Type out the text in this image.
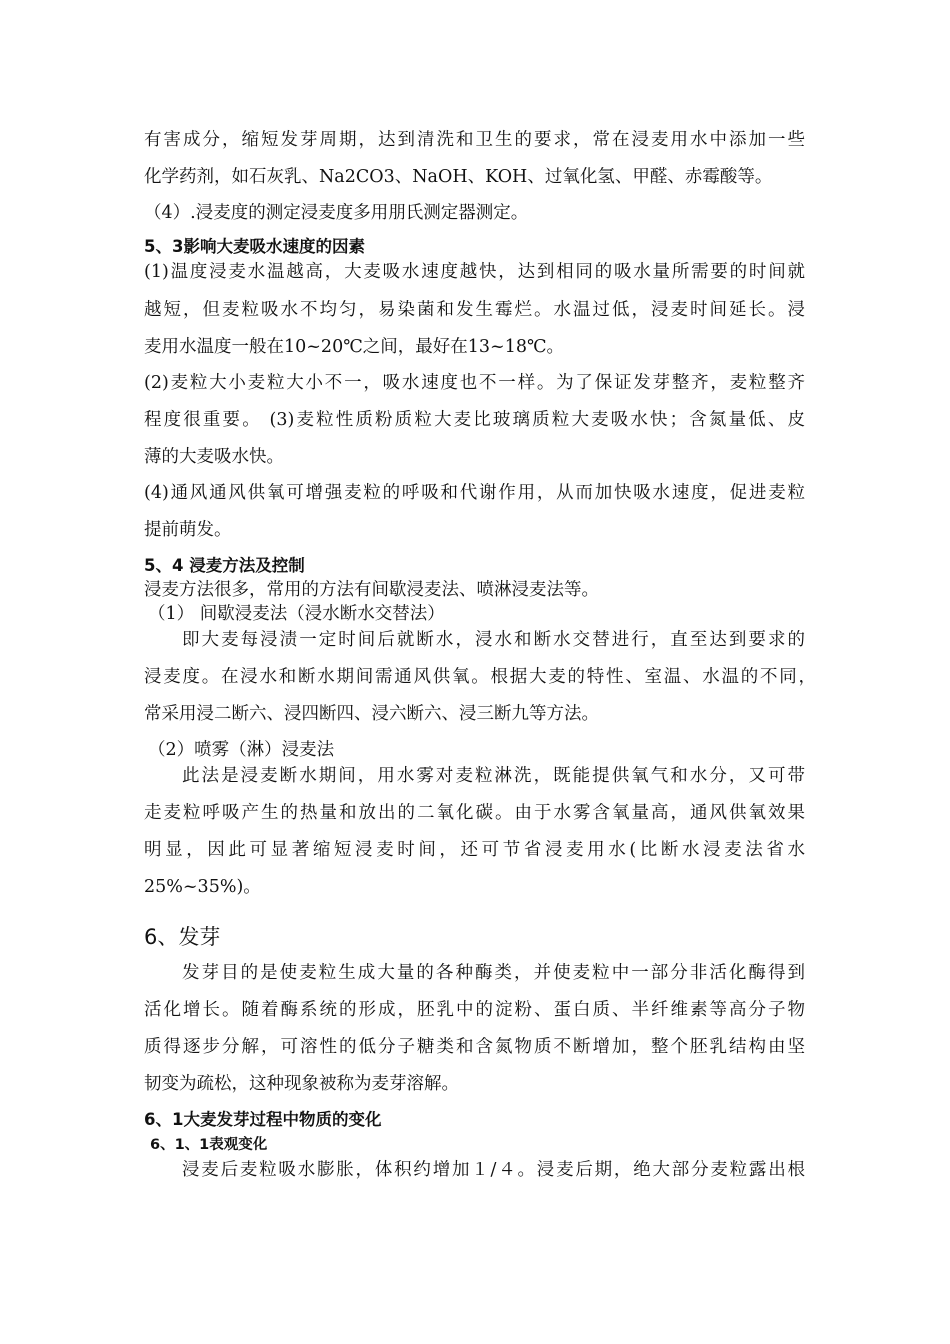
有害成分，缩短发芽周期，达到清洗和卫生的要求，常在浸麦用水中添加一些
化学药剂，如石灰乳、Na2CO3、NaOH、KOH、过氧化氢、甲醛、赤霉酸等。
（4）.浸麦度的测定浸麦度多用朋氏测定器测定。
5、3影响大麦吸水速度的因素
(1)温度浸麦水温越高，大麦吸水速度越快，达到相同的吸水量所需要的时间就
越短，但麦粒吸水不均匀，易染菌和发生霉烂。水温过低，浸麦时间延长。浸
麦用水温度一般在10~20℃之间，最好在13~18℃。
(2)麦粒大小麦粒大小不一，吸水速度也不一样。为了保证发芽整齐，麦粒整齐
程度很重要。 (3)麦粒性质粉质粒大麦比玻璃质粒大麦吸水快；含氮量低、皮
薄的大麦吸水快。
(4)通风通风供氧可增强麦粒的呼吸和代谢作用，从而加快吸水速度，促进麦粒
提前萌发。
5、4 浸麦方法及控制
浸麦方法很多，常用的方法有间歇浸麦法、喷淋浸麦法等。
（1） 间歇浸麦法（浸水断水交替法）
即大麦每浸渍一定时间后就断水，浸水和断水交替进行，直至达到要求的
浸麦度。在浸水和断水期间需通风供氧。根据大麦的特性、室温、水温的不同，
常采用浸二断六、浸四断四、浸六断六、浸三断九等方法。
（2）喷雾（淋）浸麦法
此法是浸麦断水期间，用水雾对麦粒淋洗，既能提供氧气和水分，又可带
走麦粒呼吸产生的热量和放出的二氧化碳。由于水雾含氧量高，通风供氧效果
明显，因此可显著缩短浸麦时间，还可节省浸麦用水(比断水浸麦法省水
25%~35%)。
6、发芽
发芽目的是使麦粒生成大量的各种酶类，并使麦粒中一部分非活化酶得到
活化增长。随着酶系统的形成，胚乳中的淀粉、蛋白质、半纤维素等高分子物
质得逐步分解，可溶性的低分子糖类和含氮物质不断增加，整个胚乳结构由坚
韧变为疏松，这种现象被称为麦芽溶解。
6、1大麦发芽过程中物质的变化
6、1、1表观变化
浸麦后麦粒吸水膨胀，体积约增加１/４。浸麦后期，绝大部分麦粒露出根
